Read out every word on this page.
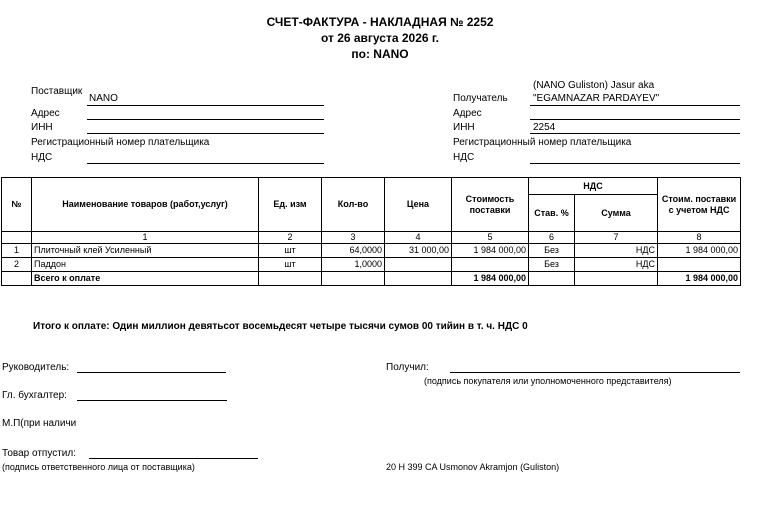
СЧЕТ-ФАКТУРА - НАКЛАДНАЯ № 2252
от 26 августа 2026 г.
по: NANO
Поставщик
NANO
Адрес
ИНН
Регистрационный номер плательщика
НДС
(NANO Guliston) Jasur aka
Получатель	"EGAMNAZAR PARDAYEV"
Адрес
ИНН	2254
Регистрационный номер плательщика
НДС
№	Наименование товаров (работ,услуг)	Ед. изм	Кол-во	Цена	Стоимость поставки	НДС		Стоим. поставки с учетом НДС
						Став. %	Сумма	
	1	2	3	4	5	6	7	8
1	Плиточный клей Усиленный	шт	64,0000	31 000,00	1 984 000,00	Без	НДС	1 984 000,00
2	Паддон	шт	1,0000			Без	НДС	
	Всего к оплате				1 984 000,00			1 984 000,00
Итого к оплате: Один миллион девятьсот восемьдесят четыре тысячи сумов 00 тийин в т. ч. НДС 0
Руководитель:	Получил:
(подпись покупателя или уполномоченного представителя)
Гл. бухгалтер:
М.П(при наличи
Товар отпустил:
(подпись ответственного лица от поставщика)	20 H 399 CA Usmonov Akramjon (Guliston)
